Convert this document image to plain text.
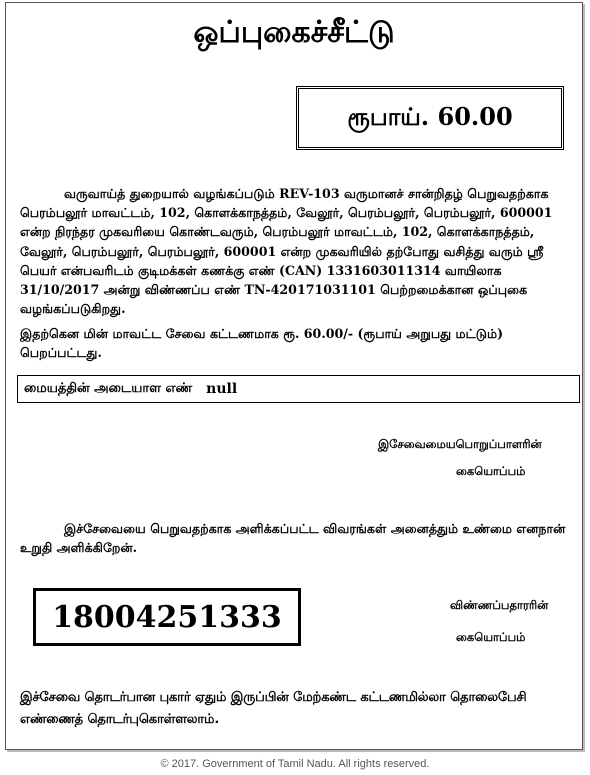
ஒப்புகைச்சீட்டு
ரூபாய். 60.00

வருவாய்த் துறையால் வழங்கப்படும் REV-103 வருமானச் சான்றிதழ் பெறுவதற்காக பெரம்பலூர் மாவட்டம், 102, கொளக்காநத்தம், வேலூர், பெரம்பலூர், பெரம்பலூர், 600001 என்ற நிரந்தர முகவரியை கொண்டவரும், பெரம்பலூர் மாவட்டம், 102, கொளக்காநத்தம், வேலூர், பெரம்பலூர், பெரம்பலூர், 600001 என்ற முகவரியில் தற்போது வசித்து வரும் ஸ்ரீ பெயர் என்பவரிடம் குடிமக்கள் கணக்கு எண் (CAN) 1331603011314 வாயிலாக 31/10/2017 அன்று விண்ணப்ப எண் TN-420171031101 பெற்றமைக்கான ஒப்புகை வழங்கப்படுகிறது.

இதற்கென மின் மாவட்ட சேவை கட்டணமாக ரூ. 60.00/- (ரூபாய் அறுபது மட்டும்) பெறப்பட்டது.

மையத்தின் அடையாள எண் null
இசேவைமையபொறுப்பாளரின்
கையொப்பம்

இச்சேவையை பெறுவதற்காக அளிக்கப்பட்ட விவரங்கள் அனைத்தும் உண்மை எனநான் உறுதி அளிக்கிறேன்.

18004251333	விண்ணப்பதாரரின்
கையொப்பம்

இச்சேவை தொடர்பான புகார் ஏதும் இருப்பின் மேற்கண்ட கட்டணமில்லா தொலைபேசி எண்ணைத் தொடர்புகொள்ளலாம்.

© 2017. Government of Tamil Nadu. All rights reserved.
